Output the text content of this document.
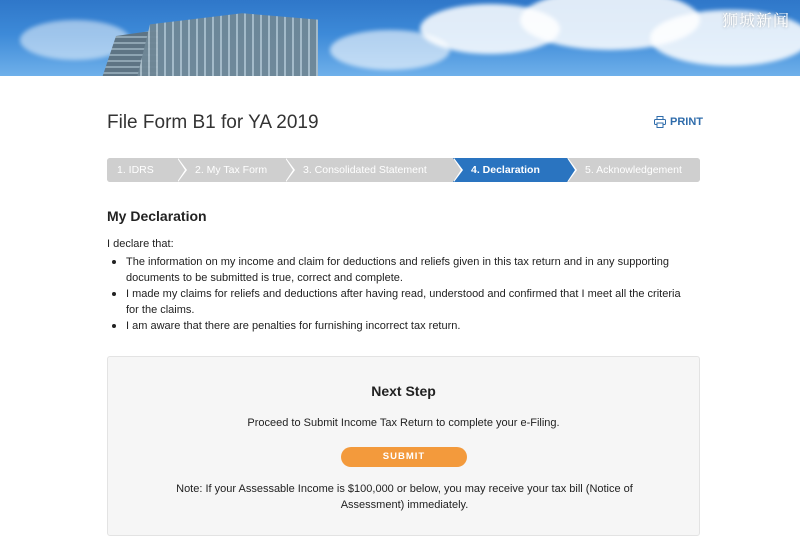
狮城新闻
File Form B1 for YA 2019	PRINT
1. IDRS	2. My Tax Form	3. Consolidated Statement	4. Declaration	5. Acknowledgement
My Declaration
I declare that:
The information on my income and claim for deductions and reliefs given in this tax return and in any supporting documents to be submitted is true, correct and complete.
I made my claims for reliefs and deductions after having read, understood and confirmed that I meet all the criteria for the claims.
I am aware that there are penalties for furnishing incorrect tax return.
Next Step
Proceed to Submit Income Tax Return to complete your e-Filing.
SUBMIT
Note: If your Assessable Income is $100,000 or below, you may receive your tax bill (Notice of Assessment) immediately.
